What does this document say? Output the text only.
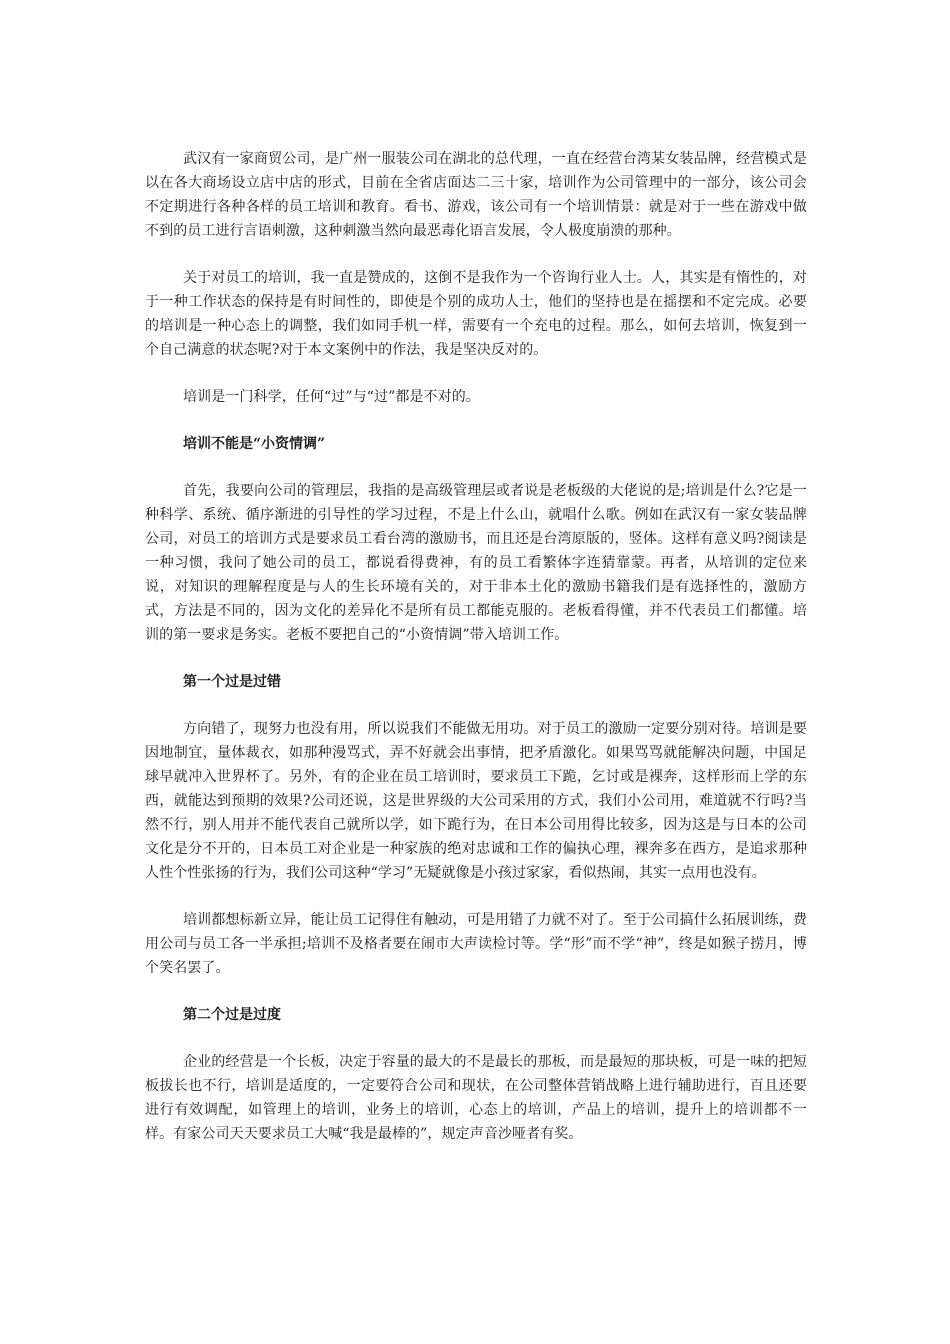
武汉有一家商贸公司，是广州一服装公司在湖北的总代理，一直在经营台湾某女装品牌，经营模式是以在各大商场设立店中店的形式，目前在全省店面达二三十家，培训作为公司管理中的一部分，该公司会不定期进行各种各样的员工培训和教育。看书、游戏，该公司有一个培训情景：就是对于一些在游戏中做不到的员工进行言语刺激，这种刺激当然向最恶毒化语言发展，令人极度崩溃的那种。

关于对员工的培训，我一直是赞成的，这倒不是我作为一个咨询行业人士。人，其实是有惰性的，对于一种工作状态的保持是有时间性的，即使是个别的成功人士，他们的坚持也是在摇摆和不定完成。必要的培训是一种心态上的调整，我们如同手机一样，需要有一个充电的过程。那么，如何去培训，恢复到一个自己满意的状态呢?对于本文案例中的作法，我是坚决反对的。

培训是一门科学，任何“过”与“过”都是不对的。

培训不能是“小资情调”

首先，我要向公司的管理层，我指的是高级管理层或者说是老板级的大佬说的是;培训是什么?它是一种科学、系统、循序渐进的引导性的学习过程，不是上什么山，就唱什么歌。例如在武汉有一家女装品牌公司，对员工的培训方式是要求员工看台湾的激励书，而且还是台湾原版的，竖体。这样有意义吗?阅读是一种习惯，我问了她公司的员工，都说看得费神，有的员工看繁体字连猜靠蒙。再者，从培训的定位来说，对知识的理解程度是与人的生长环境有关的，对于非本土化的激励书籍我们是有选择性的，激励方式，方法是不同的，因为文化的差异化不是所有员工都能克服的。老板看得懂，并不代表员工们都懂。培训的第一要求是务实。老板不要把自己的“小资情调”带入培训工作。

第一个过是过错

方向错了，现努力也没有用，所以说我们不能做无用功。对于员工的激励一定要分别对待。培训是要因地制宜，量体裁衣，如那种漫骂式，弄不好就会出事情，把矛盾激化。如果骂骂就能解决问题，中国足球早就冲入世界杯了。另外，有的企业在员工培训时，要求员工下跪，乞讨或是裸奔，这样形而上学的东西，就能达到预期的效果?公司还说，这是世界级的大公司采用的方式，我们小公司用，难道就不行吗?当然不行，别人用并不能代表自己就所以学，如下跪行为，在日本公司用得比较多，因为这是与日本的公司文化是分不开的，日本员工对企业是一种家族的绝对忠诚和工作的偏执心理，裸奔多在西方，是追求那种人性个性张扬的行为，我们公司这种“学习”无疑就像是小孩过家家，看似热闹，其实一点用也没有。

培训都想标新立异，能让员工记得住有触动，可是用错了力就不对了。至于公司搞什么拓展训练，费用公司与员工各一半承担;培训不及格者要在闹市大声读检讨等。学“形”而不学“神”，终是如猴子捞月，博个笑名罢了。

第二个过是过度

企业的经营是一个长板，决定于容量的最大的不是最长的那板，而是最短的那块板，可是一味的把短板拔长也不行，培训是适度的，一定要符合公司和现状，在公司整体营销战略上进行辅助进行，百且还要进行有效调配，如管理上的培训，业务上的培训，心态上的培训，产品上的培训，提升上的培训都不一样。有家公司天天要求员工大喊“我是最棒的”，规定声音沙哑者有奖。
